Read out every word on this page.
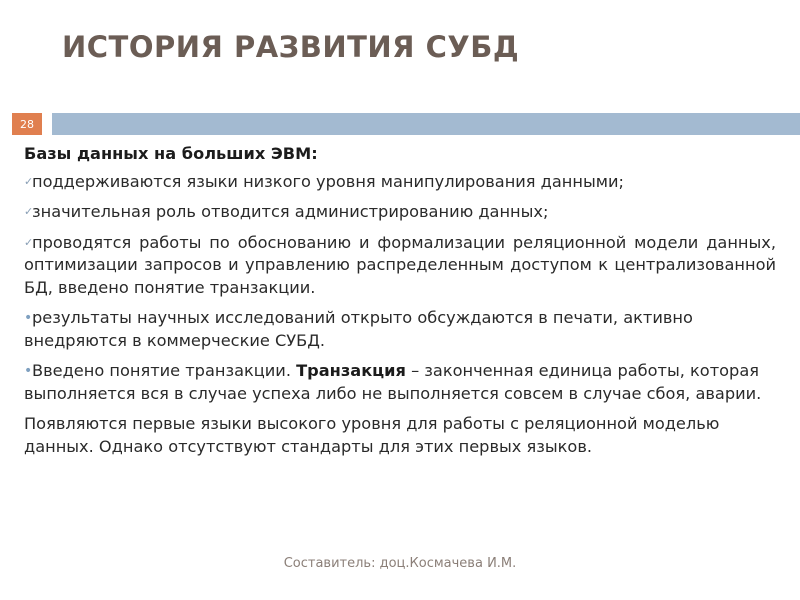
ИСТОРИЯ РАЗВИТИЯ СУБД
28

Базы данных на больших ЭВМ:

✓поддерживаются языки низкого уровня манипулирования данными;

✓значительная роль отводится администрированию данных;

✓проводятся работы по обоснованию и формализации реляционной модели данных, оптимизации запросов и управлению распределенным доступом к централизованной БД, введено понятие транзакции.

•результаты научных исследований открыто обсуждаются в печати, активно внедряются в коммерческие СУБД.

•Введено понятие транзакции. Транзакция – законченная единица работы, которая выполняется вся в случае успеха либо не выполняется совсем в случае сбоя, аварии.

Появляются первые языки высокого уровня для работы с реляционной моделью данных. Однако отсутствуют стандарты для этих первых языков.

Составитель: доц.Космачева И.М.
